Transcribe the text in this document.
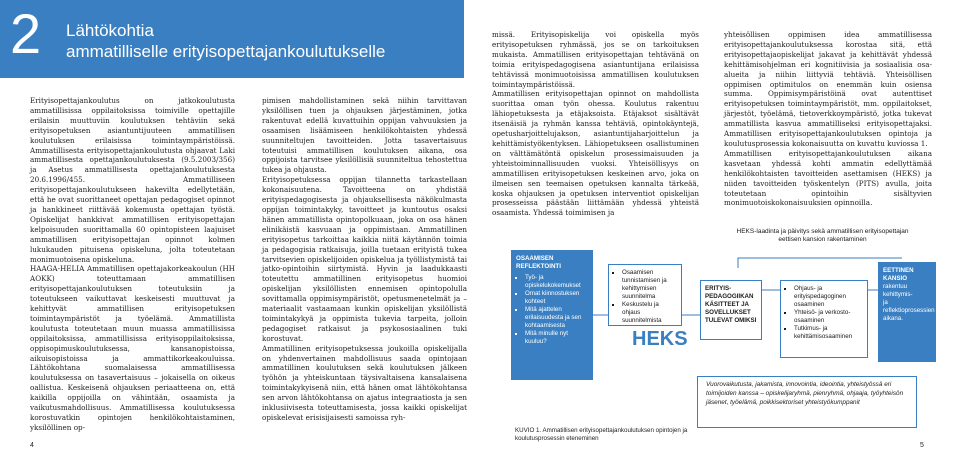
2 Lähtökohtia
ammatilliselle erityisopettajankoulutukselle
Erityisopettajankoulutus on jatkokoulutusta ammatillisissa oppilaitoksissa toimiville opettajille erilaisin muuttuviin koulutuksen tehtäviin sekä erityisopetuksen asiantuntijuuteen ammatillisen koulutuksen erilaisissa toimintaympäristöissä. Ammatillisesta erityisopettajankoulutusta ohjaavat Laki ammatillisesta opettajankoulutuksesta (9.5.2003/356) ja Asetus ammatillisesta opettajankoulutuksesta 20.6.1996/455. Ammatilliseen erityisopettajankoulutukseen hakevilta edellytetään, että he ovat suorittaneet opettajan pedagogiset opinnot ja hankkineet riittävää kokemusta opettajan työstä. Opiskelijat hankkivat ammatillisen erityisopettajan kelpoisuuden suorittamalla 60 opintopisteen laajuiset ammatillisen erityisopettajan opinnot kolmen lukukauden pituisena opiskeluna, jolta toteutetaan monimuotoisena opiskeluna.
HAAGA-HELIA Ammatillisen opettajakorkeakoulun (HH AOKK) toteuttamaan ammatillisen erityisopettajankoulutuksen toteutuksiin ja toteutukseen vaikuttavat keskeisesti muuttuvat ja kehittyvät ammatillisen erityisopetuksen toimintaympäristöt ja työelämä. Ammatillista koulutusta toteutetaan muun muassa ammatillisissa oppilaitoksissa, ammatillisissa erityisoppilaitoksissa, oppisopimuskoulutuksessa, kansanopistoissa, aikuisopistoissa ja ammattikorkeakouluissa. Lähtökohtana suomalaisessa ammatillisessa koulutuksessa on tasavertaisuus – jokaisella on oikeus oallistua. Keskeisenä ohjauksen periaatteena on, että kaikilla oppijoilla on vähintään, osaamista ja vaikutusmahdollisuus. Ammatillisessa koulutuksessa korostuvatkin opintojen henkilökohtaistaminen, yksilöllinen op-
pimisen mahdollistaminen sekä niihin tarvittavan yksilöllisen tuen ja ohjauksen järjestäminen, jotka rakentuvat edellä kuvattuihin oppijan vahvuuksien ja osaamisen lisäämiseen henkilökohtaisten yhdessä suunniteltujen tavoitteiden. Jotta tasavertaisuus toteutuisi ammatillisen koulutuksen aikana, osa oppijoista tarvitsee yksilöllisiä suunniteltua tehostettua tukea ja ohjausta.
Erityisopetuksessa oppijan tilannetta tarkastellaan kokonaisuutena. Tavoitteena on yhdistää erityispedagogisesta ja ohjauksellisesta näkökulmasta oppijan toimintakyky, tavoitteet ja kuntoutus osaksi hänen ammatillista opintopolkuaan, joka on osa hänen elinikäistä kasvuaan ja oppimistaan. Ammatillinen erityisopetus tarkoittaa kaikkia niitä käytännön toimia ja pedagogisia ratkaisuja, joilla tuetaan erityistä tukea tarvitsevien opiskelijoiden opiskelua ja työllistymistä tai jatko-opintoihin siirtymistä. Hyvin ja laadukkaasti toteutettu ammatillinen erityisopetus huomioi opiskelijan yksilöllisten ennemisen opintopolulla sovittamalla oppimisympäristöt, opetusmenetelmät ja – materiaalit vastaamaan kunkin opiskelijan yksilöllistä toimintakykyä ja oppimista tukevia tarpeita, jolloin pedagogiset ratkaisut ja psykososiaalinen tuki korostuvat.
Ammatillinen erityisopetuksessa joukoilla opiskelijalla on yhdenvertainen mahdollisuus saada opintojaan ammatillinen koulutuksen sekä koulutuksen jälkeen työhön ja yhteiskuntaan täysivaltaisena kansalaisena toimintakykyisenä niin, että hänen omat lähtökohtansa sen arvon lähtökohtansa on ajatus integraatiosta ja sen inklusiivisesta toteuttamisesta, jossa kaikki opiskelijat opiskelevat erisisijaisesti samoissa ryh-
missä. Erityisopiskelija voi opiskella myös erityisopetuksen ryhmässä, jos se on tarkoituksen mukaista. Ammatillisen erityisopettajan tehtävänä on toimia erityispedagogisena asiantuntijana erilaisissa tehtävissä monimuotoisissa ammatillisen koulutuksen toimintaympäristöissä.
Ammatillisen erityisopettajan opinnot on mahdollista suorittaa oman työn ohessa. Koulutus rakentuu lähiopetuksesta ja etäjaksoista. Etäjaksot sisältävät itsenäisiä ja ryhmän kanssa tehtäviä, opintokäyntejä, opetusharjoittelujakson, asiantuntijaharjoittelun ja kehittämistyökentyksen. Lähiopetukseen osallistuminen on välttämätöntä opiskelun prosessimaisuuden ja yhteistoiminnallisuuden vuoksi. Yhteisöllisyys on ammatillisen erityisopetuksen keskeinen arvo, joka on ilmeisen sen teemaisen opetuksen kannalta tärkeää, koska ohjauksen ja opetuksen interventiot opiskelijan prosesseissa päästään liittämään yhdessä yhteistä osaamista. Yhdessä toimimisen ja
yhteisöllisen oppimisen idea ammatillisessa erityisopettajankoulutuksessa korostaa sitä, että erityisopettajaopiskelijat jakavat ja kehittävät yhdessä kehittämisohjelman eri kognitiivisia ja sosiaalisia osa-alueita ja niihin liittyviä tehtäviä. Yhteisöllisen oppimisen optimitulos on enemmän kuin osiensa summa. Oppimisympäristöinä ovat autenttiset erityisopetuksen toimintaympäristöt, mm. oppilaitokset, järjestöt, työelämä, tietoverkkoympäristö, jotka tukevat ammatillista kasvua ammatilliseksi erityisopettajaksi. Ammatillisen erityisopettajankoulutuksen opintoja ja koulutusprosessia kokonaisuutta on kuvattu kuviossa 1.
Ammatillisen erityisopettajankoulutuksen aikana kasvetaan yhdessä kohti ammatin edellyttämää henkilökohtaisten tavoitteiden asettamisen (HEKS) ja niiden tavoitteiden työskentelyn (PITS) avulla, joita toteutetaan opintoihin sisältyvien monimuotoiskokonaisuuksien opinnoilla.
HEKS-laadinta ja päivitys sekä ammatillisen erityisopettajan eettisen kansion rakentaminen
OSAAMISEN REFLEKTOINTI
▪ Työ- ja opiskelukokemukset
▪ Omat kiinnostuksen kohteet
▪ Mitä ajattelen erilaisuudesta ja sen kohtaamisesta
▪ Mitä minulle nyt kuuluu?
▪ Osaamisen tunnistamisen ja kehittymisen suunnitelma
▪ Keskustelu ja ohjaus suunnitelmista
HEKS
ERITYIS-PEDAGOGIIKAN KÄSITTEET JA SOVELLUKSET TULEVAT OMIKSI
▪ Ohjaus- ja erityispedagoginen osaaminen
▪ Yhteisö- ja verkosto-osaaminen
▪ Tutkimus- ja kehittämisosaaminen
EETTINEN KANSIO
rakentuu kehittymis-
ja reflektioprosessien
aikana.
Vuorovaikutusta, jakamista, innovointia, ideointia, yhteistyössä eri toimijoiden kanssa – opiskelijaryhmä, pienryhmä, ohjaaja, työyhteisön jäsenet, työelämä, poikkisektoriset yhteistyökumppanit
KUVIO 1. Ammatillisen erityisopettajankoulutuksen opintojen ja koulutusprosessin eteneminen
4	5
